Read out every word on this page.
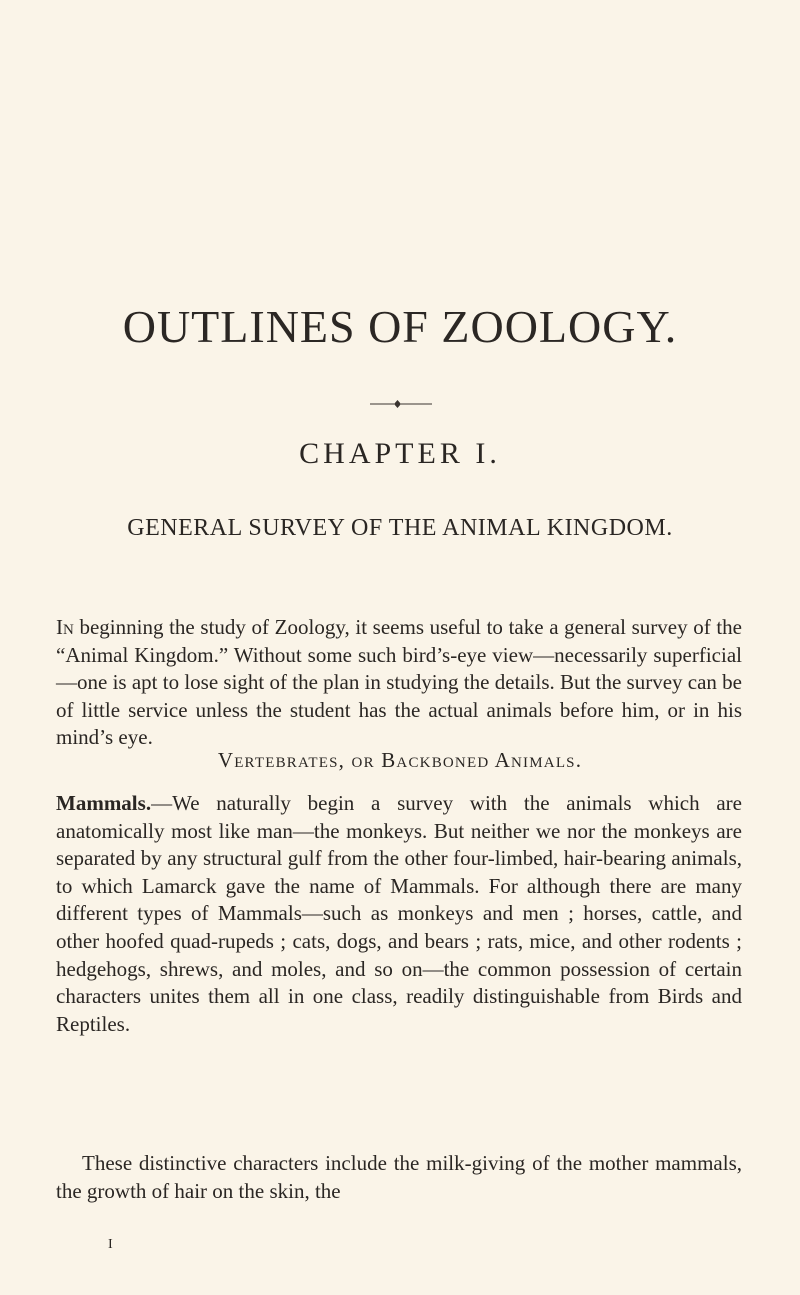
OUTLINES OF ZOOLOGY.
CHAPTER I.
GENERAL SURVEY OF THE ANIMAL KINGDOM.
In beginning the study of Zoology, it seems useful to take a general survey of the “Animal Kingdom.” Without some such bird’s-eye view—necessarily superficial—one is apt to lose sight of the plan in studying the details. But the survey can be of little service unless the student has the actual animals before him, or in his mind’s eye.
Vertebrates, or Backboned Animals.
Mammals.—We naturally begin a survey with the animals which are anatomically most like man—the monkeys. But neither we nor the monkeys are separated by any structural gulf from the other four-limbed, hair-bearing animals, to which Lamarck gave the name of Mammals. For although there are many different types of Mammals—such as monkeys and men ; horses, cattle, and other hoofed quad-rupeds ; cats, dogs, and bears ; rats, mice, and other rodents ; hedgehogs, shrews, and moles, and so on—the common possession of certain characters unites them all in one class, readily distinguishable from Birds and Reptiles.
These distinctive characters include the milk-giving of the mother mammals, the growth of hair on the skin, the
I
